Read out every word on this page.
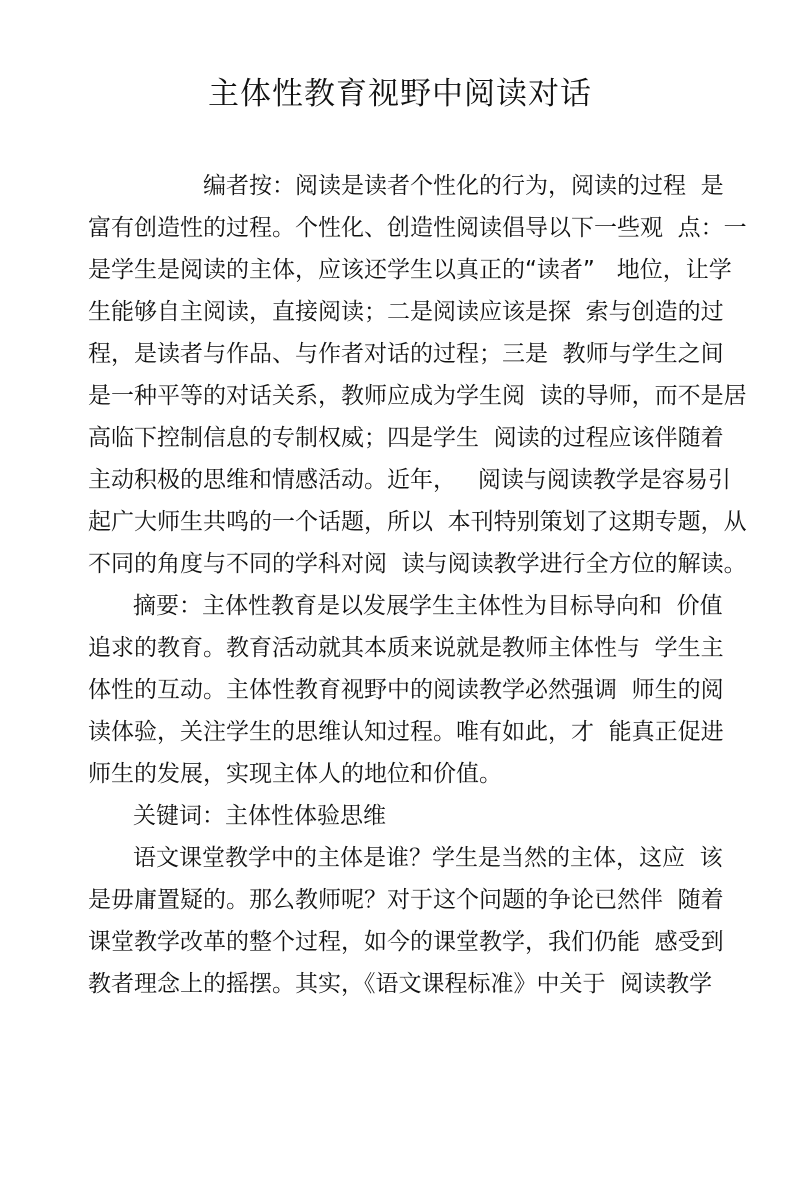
主体性教育视野中阅读对话
编者按：阅读是读者个性化的行为，阅读的过程  是
富有创造性的过程。个性化、创造性阅读倡导以下一些观  点：一
是学生是阅读的主体，应该还学生以真正的“读者”   地位，让学
生能够自主阅读，直接阅读；二是阅读应该是探  索与创造的过
程，是读者与作品、与作者对话的过程；三是  教师与学生之间
是一种平等的对话关系，教师应成为学生阅  读的导师，而不是居
高临下控制信息的专制权威；四是学生  阅读的过程应该伴随着
主动积极的思维和情感活动。近年，   阅读与阅读教学是容易引
起广大师生共鸣的一个话题，所以  本刊特别策划了这期专题，从
不同的角度与不同的学科对阅  读与阅读教学进行全方位的解读。
摘要：主体性教育是以发展学生主体性为目标导向和  价值
追求的教育。教育活动就其本质来说就是教师主体性与  学生主
体性的互动。主体性教育视野中的阅读教学必然强调  师生的阅
读体验，关注学生的思维认知过程。唯有如此，才  能真正促进
师生的发展，实现主体人的地位和价值。
关键词：主体性体验思维
语文课堂教学中的主体是谁？学生是当然的主体，这应  该
是毋庸置疑的。那么教师呢？对于这个问题的争论已然伴  随着
课堂教学改革的整个过程，如今的课堂教学，我们仍能  感受到
教者理念上的摇摆。其实，《语文课程标准》中关于  阅读教学
